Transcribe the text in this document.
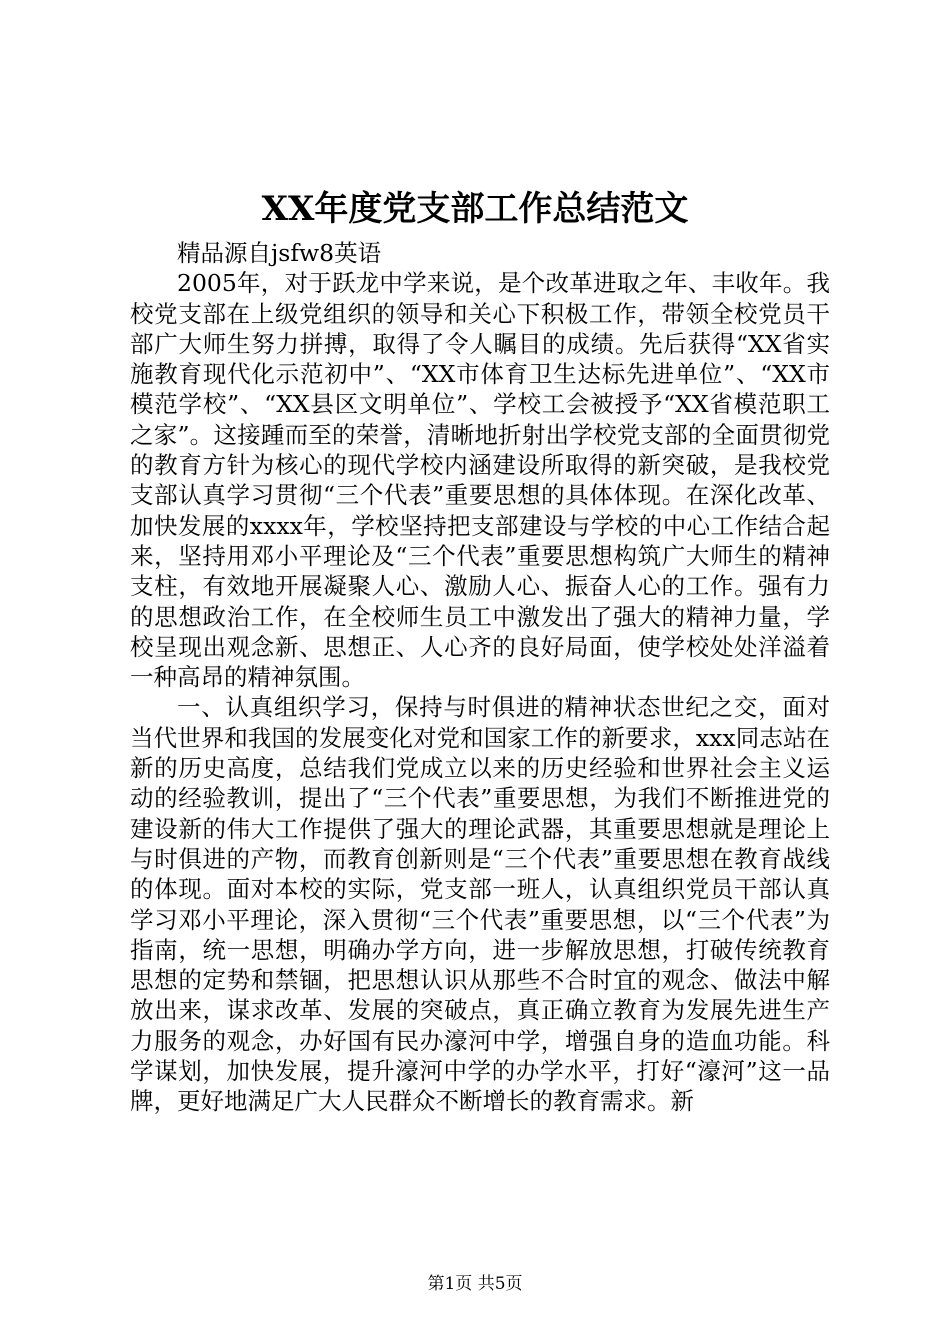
XX年度党支部工作总结范文

精品源自jsfw8英语

2005年，对于跃龙中学来说，是个改革进取之年、丰收年。我校党支部在上级党组织的领导和关心下积极工作，带领全校党员干部广大师生努力拼搏，取得了令人瞩目的成绩。先后获得“XX省实施教育现代化示范初中”、“XX市体育卫生达标先进单位”、“XX市模范学校”、“XX县区文明单位”、学校工会被授予“XX省模范职工之家”。这接踵而至的荣誉，清晰地折射出学校党支部的全面贯彻党的教育方针为核心的现代学校内涵建设所取得的新突破，是我校党支部认真学习贯彻“三个代表”重要思想的具体体现。在深化改革、加快发展的xxxx年，学校坚持把支部建设与学校的中心工作结合起来，坚持用邓小平理论及“三个代表”重要思想构筑广大师生的精神支柱，有效地开展凝聚人心、激励人心、振奋人心的工作。强有力的思想政治工作，在全校师生员工中激发出了强大的精神力量，学校呈现出观念新、思想正、人心齐的良好局面，使学校处处洋溢着一种高昂的精神氛围。

一、认真组织学习，保持与时俱进的精神状态世纪之交，面对当代世界和我国的发展变化对党和国家工作的新要求，xxx同志站在新的历史高度，总结我们党成立以来的历史经验和世界社会主义运动的经验教训，提出了“三个代表”重要思想，为我们不断推进党的建设新的伟大工作提供了强大的理论武器，其重要思想就是理论上与时俱进的产物，而教育创新则是“三个代表”重要思想在教育战线的体现。面对本校的实际，党支部一班人，认真组织党员干部认真学习邓小平理论，深入贯彻“三个代表”重要思想，以“三个代表”为指南，统一思想，明确办学方向，进一步解放思想，打破传统教育思想的定势和禁锢，把思想认识从那些不合时宜的观念、做法中解放出来，谋求改革、发展的突破点，真正确立教育为发展先进生产力服务的观念，办好国有民办濠河中学，增强自身的造血功能。科学谋划，加快发展，提升濠河中学的办学水平，打好“濠河”这一品牌，更好地满足广大人民群众不断增长的教育需求。新

第1页 共5页
